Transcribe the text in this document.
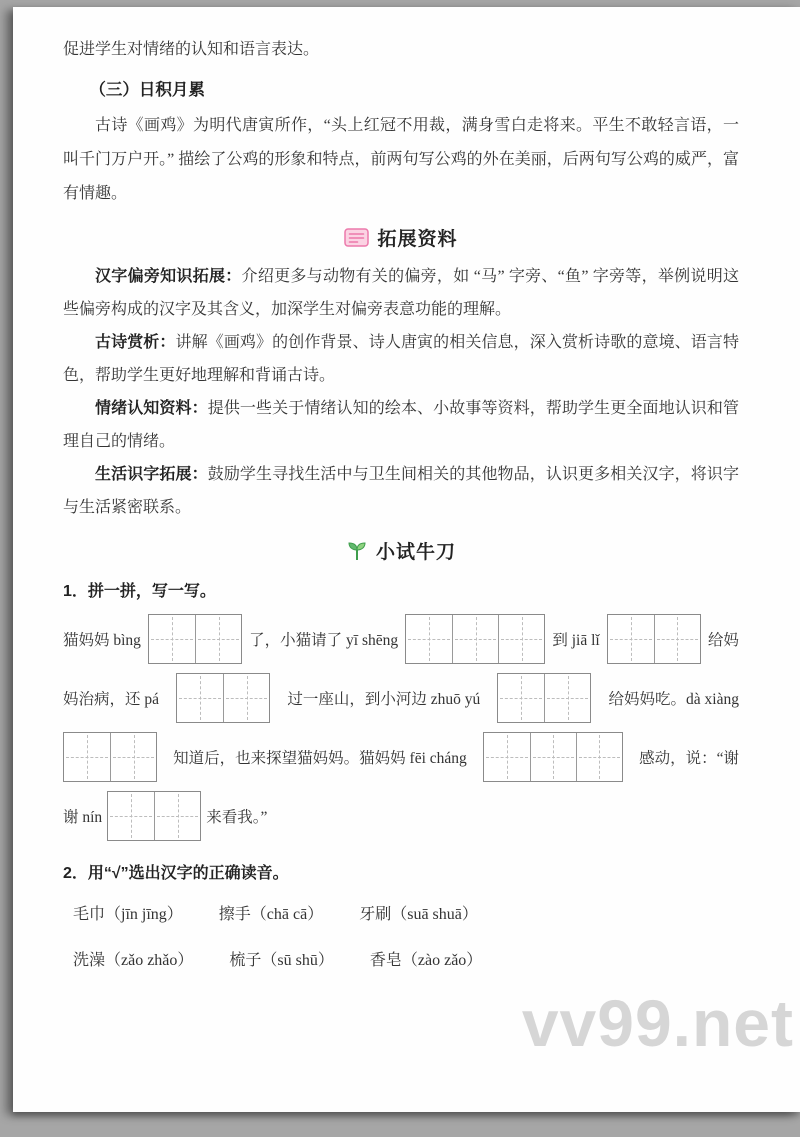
促进学生对情绪的认知和语言表达。

（三）日积月累

古诗《画鸡》为明代唐寅所作，“头上红冠不用裁，满身雪白走将来。平生不敢轻言语，一叫千门万户开。” 描绘了公鸡的形象和特点，前两句写公鸡的外在美丽，后两句写公鸡的威严，富有情趣。

拓展资料

汉字偏旁知识拓展：介绍更多与动物有关的偏旁，如 “马” 字旁、“鱼” 字旁等，举例说明这些偏旁构成的汉字及其含义，加深学生对偏旁表意功能的理解。

古诗赏析：讲解《画鸡》的创作背景、诗人唐寅的相关信息，深入赏析诗歌的意境、语言特色，帮助学生更好地理解和背诵古诗。

情绪认知资料：提供一些关于情绪认知的绘本、小故事等资料，帮助学生更全面地认识和管理自己的情绪。

生活识字拓展：鼓励学生寻找生活中与卫生间相关的其他物品，认识更多相关汉字，将识字与生活紧密联系。

小试牛刀

1．拼一拼，写一写。

猫妈妈 bìng	了，小猫请了 yī shēng	到 jiā lǐ	给妈
妈治病，还 pá	过一座山，到小河边 zhuō yú	给妈妈吃。dà xiàng
知道后，也来探望猫妈妈。猫妈妈 fēi cháng	感动，说：“谢
谢 nín	来看我。”

2．用“√”选出汉字的正确读音。

毛巾（jīn jīng） 擦手（chā cā） 牙刷（suā shuā）
洗澡（zǎo zhǎo） 梳子（sū shū） 香皂（zào zǎo）
vv99.net
